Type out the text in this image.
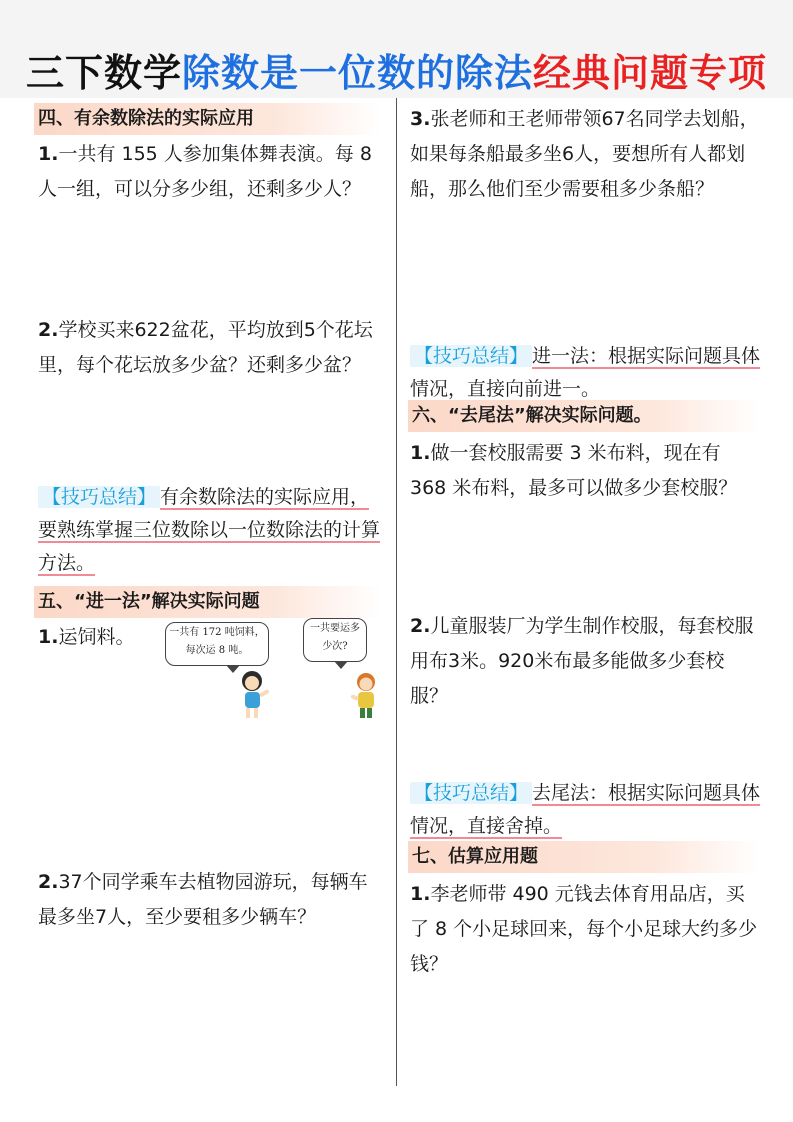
三下数学除数是一位数的除法经典问题专项
四、有余数除法的实际应用
1.一共有 155 人参加集体舞表演。每 8 人一组，可以分多少组，还剩多少人？
2.学校买来622盆花，平均放到5个花坛里，每个花坛放多少盆？还剩多少盆？
【技巧总结】 有余数除法的实际应用，要熟练掌握三位数除以一位数除法的计算方法。
五、“进一法”解决实际问题
1.运饲料。	一共有 172 吨饲料，每次运 8 吨。
一共要运多少次?
2.37个同学乘车去植物园游玩，每辆车最多坐7人，至少要租多少辆车？
3.张老师和王老师带领67名同学去划船，如果每条船最多坐6人，要想所有人都划船，那么他们至少需要租多少条船？
【技巧总结】 进一法：根据实际问题具体情况，直接向前进一。
六、“去尾法”解决实际问题。
1.做一套校服需要 3 米布料，现在有 368 米布料，最多可以做多少套校服？
2.儿童服装厂为学生制作校服，每套校服用布3米。920米布最多能做多少套校服？
【技巧总结】 去尾法：根据实际问题具体情况，直接舍掉。
七、估算应用题
1.李老师带 490 元钱去体育用品店，买了 8 个小足球回来，每个小足球大约多少钱？
